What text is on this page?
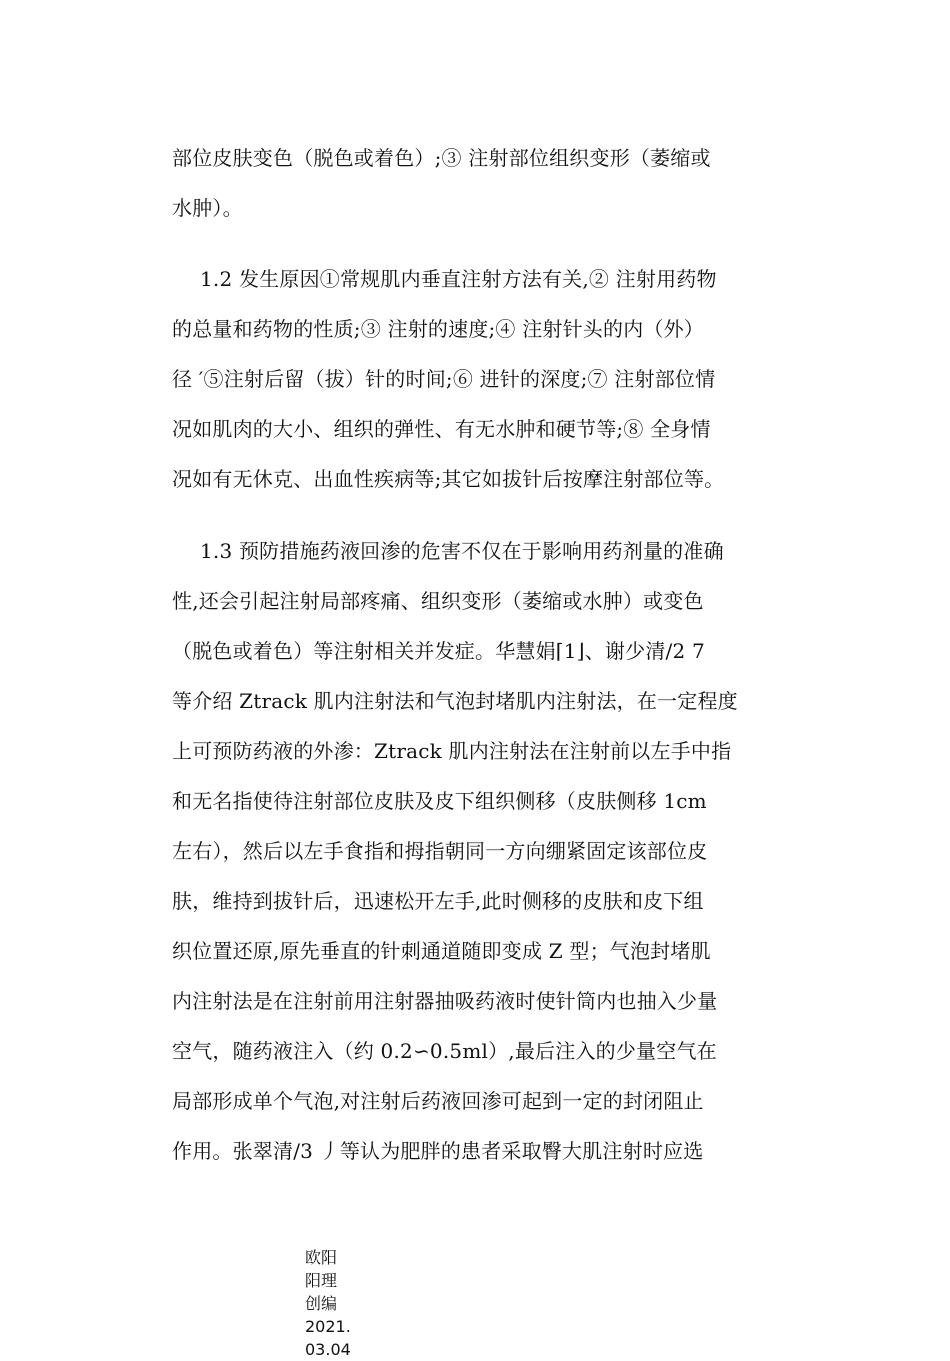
部位皮肤变色（脱色或着色）;③ 注射部位组织变形（萎缩或
水肿）。
1.2 发生原因①常规肌内垂直注射方法有关,② 注射用药物
的总量和药物的性质;③ 注射的速度;④ 注射针头的内（外）
径 ′⑤注射后留（拔）针的时间;⑥ 进针的深度;⑦ 注射部位情
况如肌肉的大小、组织的弹性、有无水肿和硬节等;⑧ 全身情
况如有无休克、出血性疾病等;其它如拔针后按摩注射部位等。
1.3 预防措施药液回渗的危害不仅在于影响用药剂量的准确
性,还会引起注射局部疼痛、组织变形（萎缩或水肿）或变色
（脱色或着色）等注射相关并发症。华慧娟⌈1⌋、谢少清/2 7
等介绍 Ztrack 肌内注射法和气泡封堵肌内注射法，在一定程度
上可预防药液的外渗：Ztrack 肌内注射法在注射前以左手中指
和无名指使待注射部位皮肤及皮下组织侧移（皮肤侧移 1cm
左右），然后以左手食指和拇指朝同一方向绷紧固定该部位皮
肤，维持到拔针后，迅速松开左手,此时侧移的皮肤和皮下组
织位置还原,原先垂直的针刺通道随即变成 Z 型；气泡封堵肌
内注射法是在注射前用注射器抽吸药液时使针筒内也抽入少量
空气，随药液注入（约 0.2∽0.5ml）,最后注入的少量空气在
局部形成单个气泡,对注射后药液回渗可起到一定的封闭阻止
作用。张翠清/3 丿等认为肥胖的患者采取臀大肌注射时应选
欧阳
阳理
创编
2021.
03.04
